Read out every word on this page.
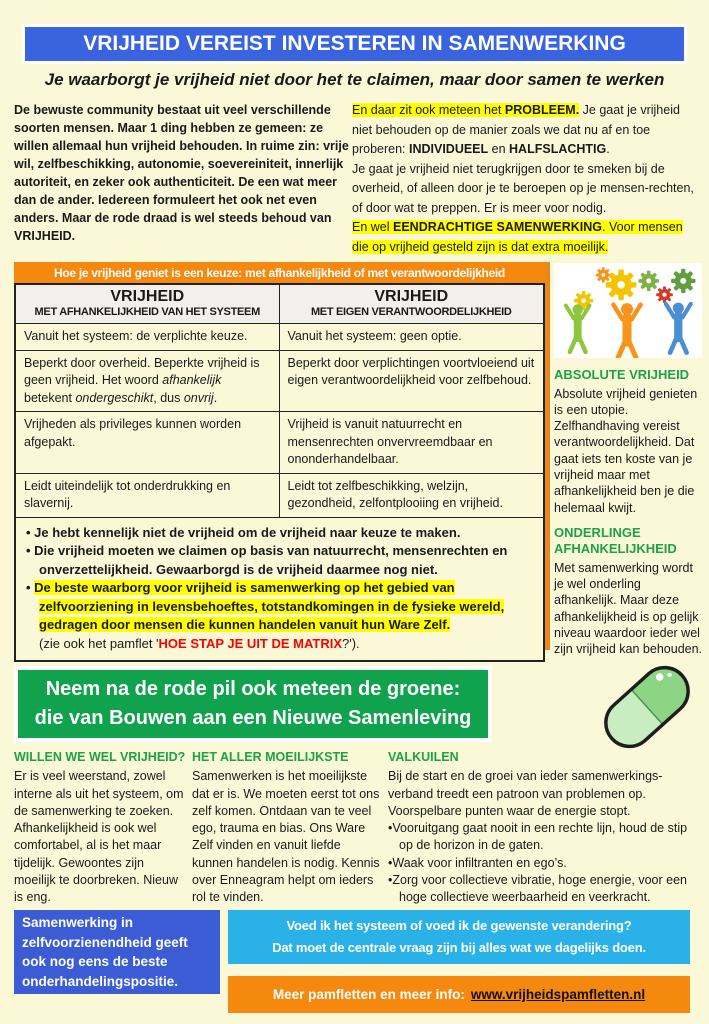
VRIJHEID VEREIST INVESTEREN IN SAMENWERKING
Je waarborgt je vrijheid niet door het te claimen, maar door samen te werken
De bewuste community bestaat uit veel verschillende soorten mensen. Maar 1 ding hebben ze gemeen: ze willen allemaal hun vrijheid behouden. In ruime zin: vrije wil, zelfbeschikking, autonomie, soevereiniteit, innerlijk autoriteit, en zeker ook authenticiteit. De een wat meer dan de ander. Iedereen formuleert het ook net even anders. Maar de rode draad is wel steeds behoud van VRIJHEID.
En daar zit ook meteen het PROBLEEM. Je gaat je vrijheid niet behouden op de manier zoals we dat nu af en toe proberen: INDIVIDUEEL en HALFSLACHTIG.
Je gaat je vrijheid niet terugkrijgen door te smeken bij de overheid, of alleen door je te beroepen op je mensen-rechten, of door wat te preppen. Er is meer voor nodig.
En wel EENDRACHTIGE SAMENWERKING. Voor mensen die op vrijheid gesteld zijn is dat extra moeilijk.
Hoe je vrijheid geniet is een keuze: met afhankelijkheid of met verantwoordelijkheid
VRIJHEID
MET AFHANKELIJKHEID VAN HET SYSTEEM
VRIJHEID
MET EIGEN VERANTWOORDELIJKHEID
Vanuit het systeem: de verplichte keuze.	Vanuit het systeem: geen optie.
Beperkt door overheid. Beperkte vrijheid is geen vrijheid. Het woord afhankelijk betekent ondergeschikt, dus onvrij.
Beperkt door verplichtingen voortvloeiend uit eigen verantwoordelijkheid voor zelfbehoud.
Vrijheden als privileges kunnen worden afgepakt.
Vrijheid is vanuit natuurrecht en mensenrechten onvervreemdbaar en ononderhandelbaar.
Leidt uiteindelijk tot onderdrukking en slavernij.
Leidt tot zelfbeschikking, welzijn, gezondheid, zelfontplooiing en vrijheid.
• Je hebt kennelijk niet de vrijheid om de vrijheid naar keuze te maken.
• Die vrijheid moeten we claimen op basis van natuurrecht, mensenrechten en onverzettelijkheid. Gewaarborgd is de vrijheid daarmee nog niet.
• De beste waarborg voor vrijheid is samenwerking op het gebied van zelfvoorziening in levensbehoeftes, totstandkomingen in de fysieke wereld, gedragen door mensen die kunnen handelen vanuit hun Ware Zelf.
(zie ook het pamflet 'HOE STAP JE UIT DE MATRIX?').
ABSOLUTE VRIJHEID
Absolute vrijheid genieten is een utopie. Zelfhandhaving vereist verantwoordelijkheid. Dat gaat iets ten koste van je vrijheid maar met afhankelijkheid ben je die helemaal kwijt.
ONDERLINGE AFHANKELIJKHEID
Met samenwerking wordt je wel onderling afhankelijk. Maar deze afhankelijkheid is op gelijk niveau waardoor ieder wel zijn vrijheid kan behouden.
Neem na de rode pil ook meteen de groene:
die van Bouwen aan een Nieuwe Samenleving
WILLEN WE WEL VRIJHEID?
Er is veel weerstand, zowel interne als uit het systeem, om de samenwerking te zoeken. Afhankelijkheid is ook wel comfortabel, al is het maar tijdelijk. Gewoontes zijn moeilijk te doorbreken. Nieuw is eng.
HET ALLER MOEILIJKSTE
Samenwerken is het moeilijkste dat er is. We moeten eerst tot ons zelf komen. Ontdaan van te veel ego, trauma en bias. Ons Ware Zelf vinden en vanuit liefde kunnen handelen is nodig. Kennis over Enneagram helpt om ieders rol te vinden.
VALKUILEN
Bij de start en de groei van ieder samenwerkings-verband treedt een patroon van problemen op. Voorspelbare punten waar de energie stopt.
• Vooruitgang gaat nooit in een rechte lijn, houd de stip op de horizon in de gaten.
• Waak voor infiltranten en ego’s.
• Zorg voor collectieve vibratie, hoge energie, voor een hoge collectieve weerbaarheid en veerkracht.
Samenwerking in zelfvoorzienendheid geeft ook nog eens de beste onderhandelingspositie.
Voed ik het systeem of voed ik de gewenste verandering?
Dat moet de centrale vraag zijn bij alles wat we dagelijks doen.
Meer pamfletten en meer info: www.vrijheidspamfletten.nl
